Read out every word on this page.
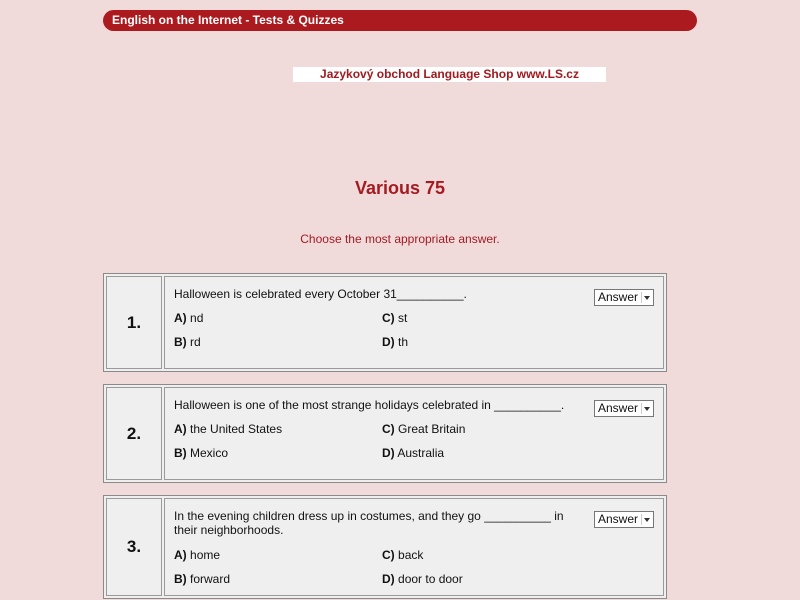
English on the Internet - Tests & Quizzes
Jazykový obchod Language Shop www.LS.cz
Various 75
Choose the most appropriate answer.
1.
Halloween is celebrated every October 31__________.
A) nd
B) rd
C) st
D) th
Answer
2.
Halloween is one of the most strange holidays celebrated in __________.
A) the United States
B) Mexico
C) Great Britain
D) Australia
Answer
3.
In the evening children dress up in costumes, and they go __________ in their neighborhoods.
A) home
B) forward
C) back
D) door to door
Answer
